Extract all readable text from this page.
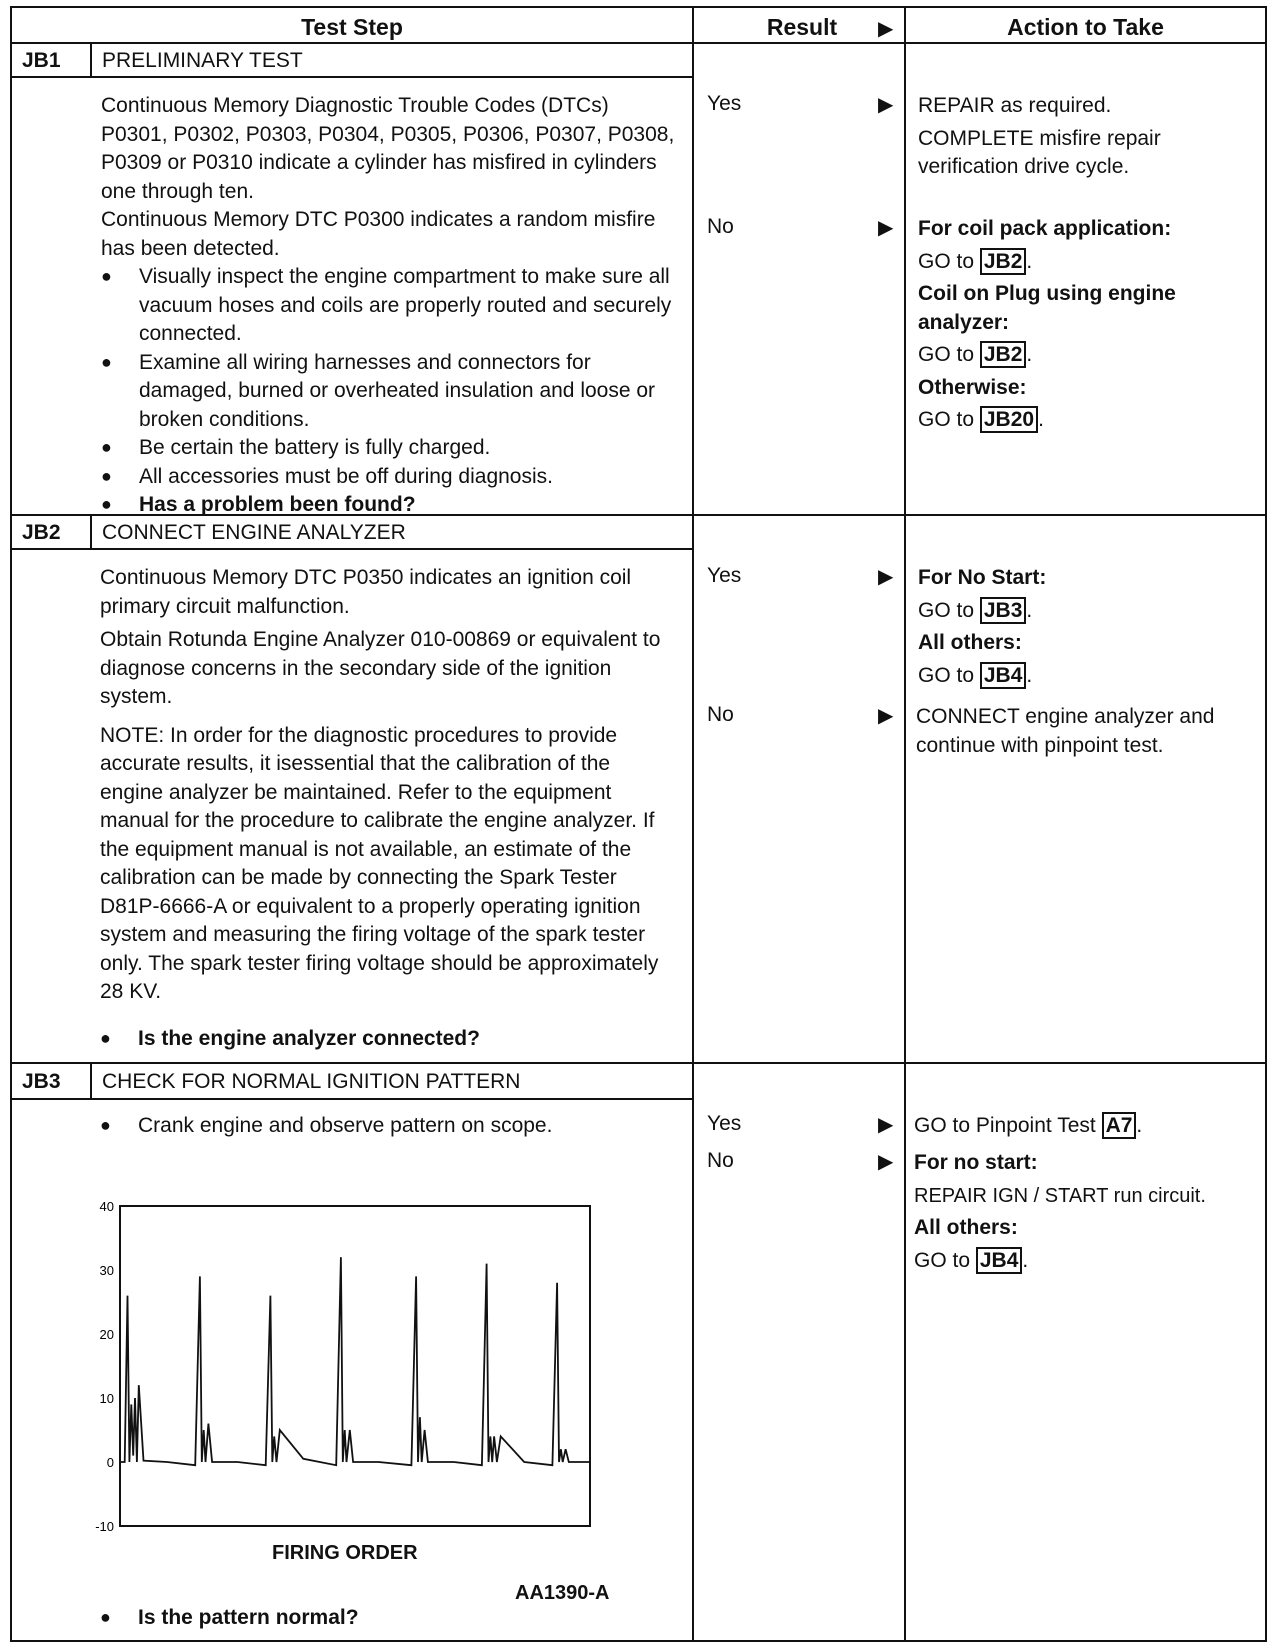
Test Step	Result	▶	Action to Take
JB1 PRELIMINARY TEST

Continuous Memory Diagnostic Trouble Codes (DTCs) P0301, P0302, P0303, P0304, P0305, P0306, P0307, P0308, P0309 or P0310 indicate a cylinder has misfired in cylinders one through ten.

Continuous Memory DTC P0300 indicates a random misfire has been detected.

● Visually inspect the engine compartment to make sure all vacuum hoses and coils are properly routed and securely connected.
● Examine all wiring harnesses and connectors for damaged, burned or overheated insulation and loose or broken conditions.
● Be certain the battery is fully charged.
● All accessories must be off during diagnosis.
● Has a problem been found?
Yes	▶ REPAIR as required.
COMPLETE misfire repair verification drive cycle.
No	▶ For coil pack application:
GO to JB2 .
Coil on Plug using engine analyzer:
GO to JB2 .
Otherwise:
GO to JB20 .
JB2 CONNECT ENGINE ANALYZER

Continuous Memory DTC P0350 indicates an ignition coil primary circuit malfunction.

Obtain Rotunda Engine Analyzer 010-00869 or equivalent to diagnose concerns in the secondary side of the ignition system.

NOTE: In order for the diagnostic procedures to provide accurate results, it isessential that the calibration of the engine analyzer be maintained. Refer to the equipment manual for the procedure to calibrate the engine analyzer. If the equipment manual is not available, an estimate of the calibration can be made by connecting the Spark Tester D81P-6666-A or equivalent to a properly operating ignition system and measuring the firing voltage of the spark tester only. The spark tester firing voltage should be approximately 28 KV.

● Is the engine analyzer connected?
Yes	▶ For No Start:
GO to JB3 .
All others:
GO to JB4 .
No	▶ CONNECT engine analyzer and continue with pinpoint test.
JB3 CHECK FOR NORMAL IGNITION PATTERN
● Crank engine and observe pattern on scope.
● Is the pattern normal?
Yes	▶ GO to Pinpoint Test A7 .
No	▶ For no start:
REPAIR IGN / START run circuit.
All others:
GO to JB4 .
40
30
20
10
0
-10
FIRING ORDER
AA1390-A
